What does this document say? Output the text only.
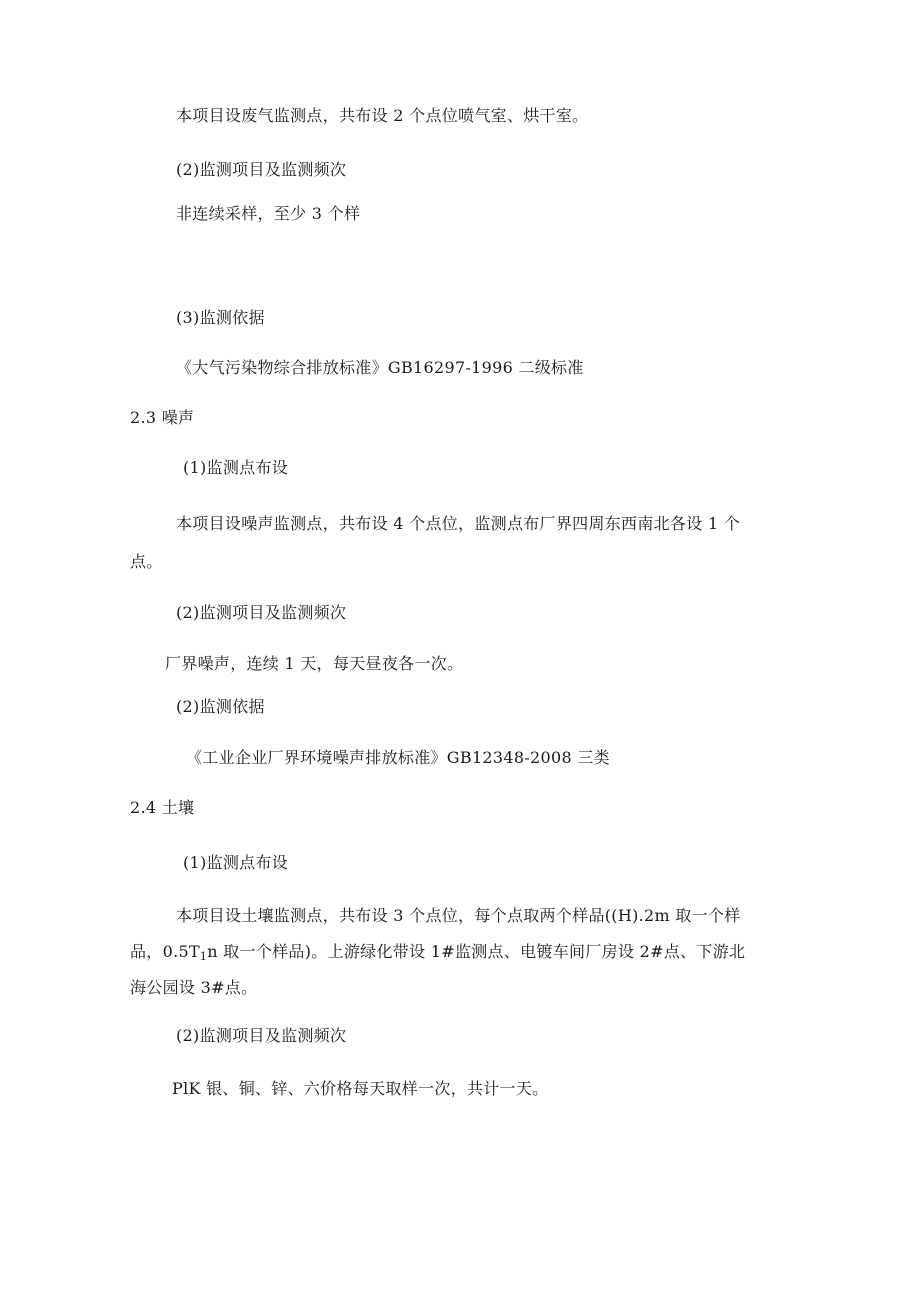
本项目设废气监测点，共布设 2 个点位喷气室、烘干室。
(2)监测项目及监测频次
非连续采样，至少 3 个样
(3)监测依据
《大气污染物综合排放标准》GB16297-1996 二级标准
2.3 噪声
(1)监测点布设
本项目设噪声监测点，共布设 4 个点位，监测点布厂界四周东西南北各设 1 个
点。
(2)监测项目及监测频次
厂界噪声，连续 1 天，每天昼夜各一次。
(2)监测依据
《工业企业厂界环境噪声排放标准》GB12348-2008 三类
2.4 土壤
(1)监测点布设
本项目设土壤监测点，共布设 3 个点位，每个点取两个样品((H).2m 取一个样
品，$0.5T_1n$ 取一个样品)。上游绿化带设 1#监测点、电镀车间厂房设 2#点、下游北
海公园设 3#点。
(2)监测项目及监测频次
PlK 银、铜、锌、六价格每天取样一次，共计一天。
